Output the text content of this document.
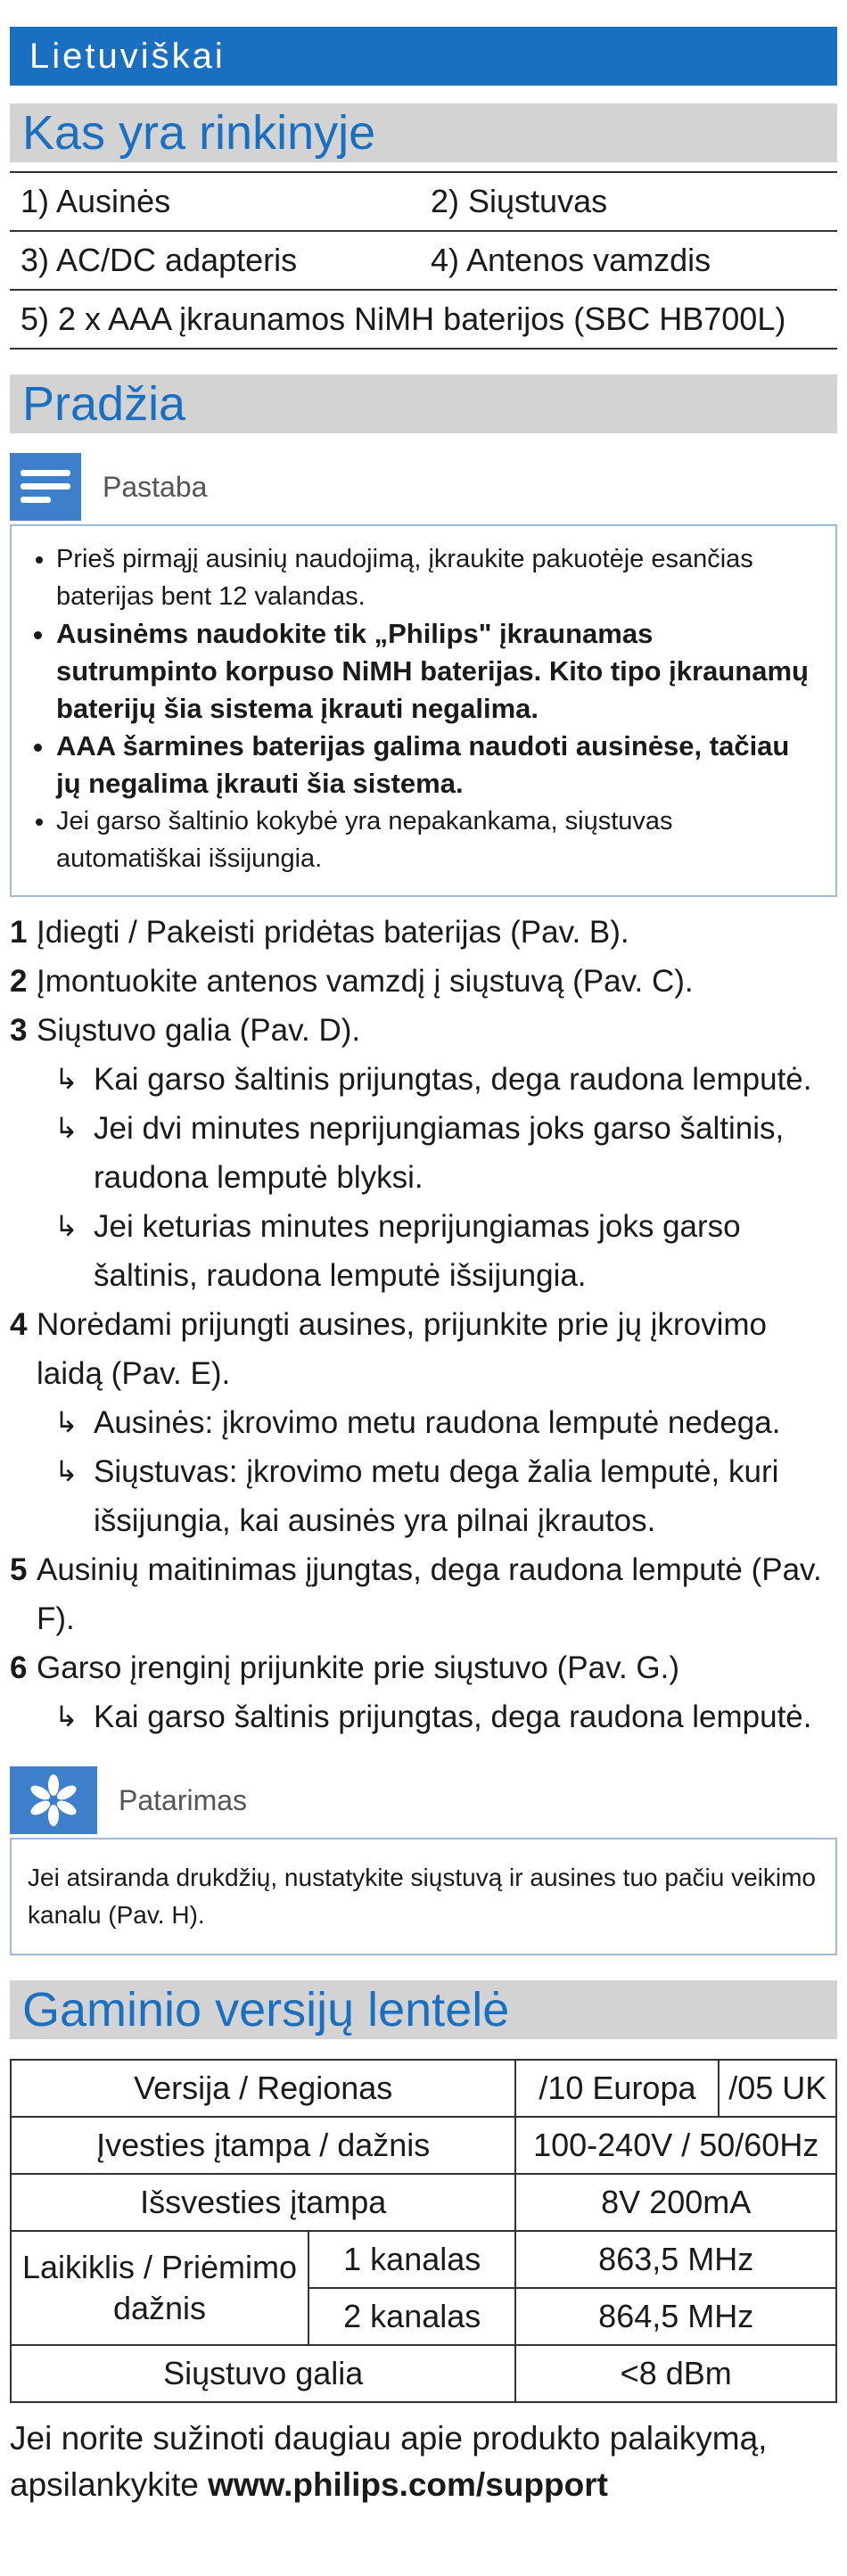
Lietuviškai
Kas yra rinkinyje
1) Ausinės	2) Siųstuvas
3) AC/DC adapteris	4) Antenos vamzdis
5) 2 x AAA įkraunamos NiMH baterijos (SBC HB700L)	
Pradžia
Pastaba
• Prieš pirmąjį ausinių naudojimą, įkraukite pakuotėje esančias baterijas bent 12 valandas.
• Ausinėms naudokite tik „Philips" įkraunamas sutrumpinto korpuso NiMH baterijas. Kito tipo įkraunamų baterijų šia sistema įkrauti negalima.
• AAA šarmines baterijas galima naudoti ausinėse, tačiau jų negalima įkrauti šia sistema.
• Jei garso šaltinio kokybė yra nepakankama, siųstuvas automatiškai išsijungia.
1 Įdiegti / Pakeisti pridėtas baterijas (Pav. B).
2 Įmontuokite antenos vamzdį į siųstuvą (Pav. C).
3 Siųstuvo galia (Pav. D).
↳ Kai garso šaltinis prijungtas, dega raudona lemputė.
↳ Jei dvi minutes neprijungiamas joks garso šaltinis, raudona lemputė blyksi.
↳ Jei keturias minutes neprijungiamas joks garso šaltinis, raudona lemputė išsijungia.
4 Norėdami prijungti ausines, prijunkite prie jų įkrovimo laidą (Pav. E).
↳ Ausinės: įkrovimo metu raudona lemputė nedega.
↳ Siųstuvas: įkrovimo metu dega žalia lemputė, kuri išsijungia, kai ausinės yra pilnai įkrautos.
5 Ausinių maitinimas įjungtas, dega raudona lemputė (Pav. F).
6 Garso įrenginį prijunkite prie siųstuvo (Pav. G.)
↳ Kai garso šaltinis prijungtas, dega raudona lemputė.
Patarimas
Jei atsiranda drukdžių, nustatykite siųstuvą ir ausines tuo pačiu veikimo kanalu (Pav. H).
Gaminio versijų lentelė
Versija / Regionas		/10 Europa	/05 UK
Įvesties įtampa / dažnis		100-240V / 50/60Hz	
Išsvesties įtampa		8V 200mA	
Laikiklis / Priėmimo dažnis	1 kanalas	863,5 MHz	
	2 kanalas	864,5 MHz	
Siųstuvo galia		<8 dBm	
Jei norite sužinoti daugiau apie produkto palaikymą, apsilankykite www.philips.com/support
